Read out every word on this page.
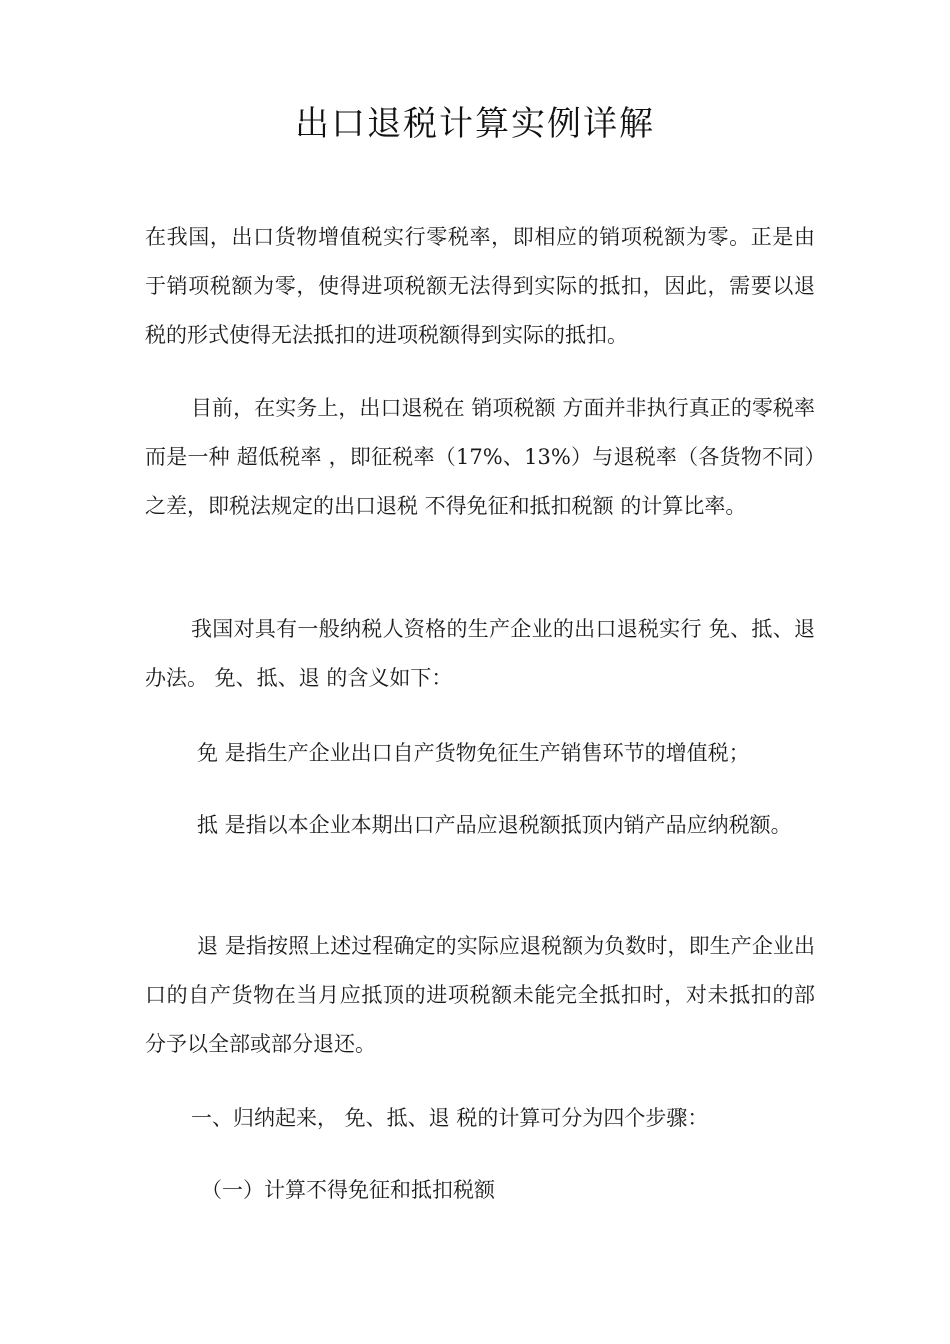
出口退税计算实例详解

在我国，出口货物增值税实行零税率，即相应的销项税额为零。正是由于销项税额为零，使得进项税额无法得到实际的抵扣，因此，需要以退税的形式使得无法抵扣的进项税额得到实际的抵扣。

目前，在实务上，出口退税在 销项税额 方面并非执行真正的零税率而是一种 超低税率 ，即征税率（17%、13%）与退税率（各货物不同）之差，即税法规定的出口退税 不得免征和抵扣税额 的计算比率。

我国对具有一般纳税人资格的生产企业的出口退税实行 免、抵、退 办法。 免、抵、退 的含义如下：

免 是指生产企业出口自产货物免征生产销售环节的增值税；

抵 是指以本企业本期出口产品应退税额抵顶内销产品应纳税额。

退 是指按照上述过程确定的实际应退税额为负数时，即生产企业出口的自产货物在当月应抵顶的进项税额未能完全抵扣时，对未抵扣的部分予以全部或部分退还。

一、归纳起来， 免、抵、退 税的计算可分为四个步骤：

（一）计算不得免征和抵扣税额
